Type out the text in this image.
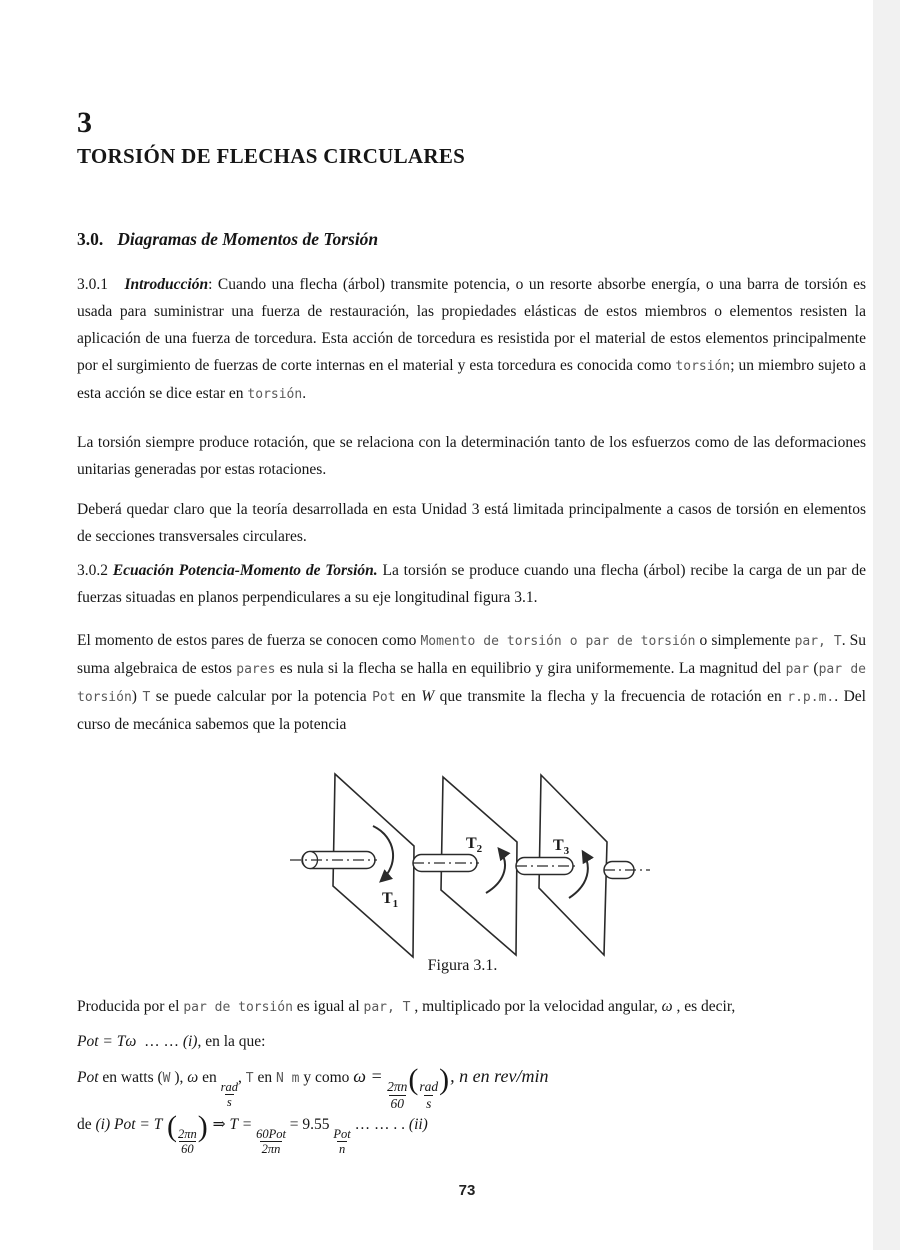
3
TORSIÓN DE FLECHAS CIRCULARES
3.0. Diagramas de Momentos de Torsión
3.0.1   Introducción: Cuando una flecha (árbol) transmite potencia, o un resorte absorbe energía, o una barra de torsión es usada para suministrar una fuerza de restauración, las propiedades elásticas de estos miembros o elementos resisten la aplicación de una fuerza de torcedura. Esta acción de torcedura es resistida por el material de estos elementos principalmente por el surgimiento de fuerzas de corte internas en el material y esta torcedura es conocida como torsión; un miembro sujeto a esta acción se dice estar en torsión.
La torsión siempre produce rotación, que se relaciona con la determinación tanto de los esfuerzos como de las deformaciones unitarias generadas por estas rotaciones.
Deberá quedar claro que la teoría desarrollada en esta Unidad 3 está limitada principalmente a casos de torsión en elementos de secciones transversales circulares.
3.0.2 Ecuación Potencia-Momento de Torsión. La torsión se produce cuando una flecha (árbol) recibe la carga de un par de fuerzas situadas en planos perpendiculares a su eje longitudinal figura 3.1.
El momento de estos pares de fuerza se conocen como Momento de torsión o par de torsión o simplemente par, T. Su suma algebraica de estos pares es nula si la flecha se halla en equilibrio y gira uniformemente. La magnitud del par (par de torsión) T se puede calcular por la potencia Pot en W que transmite la flecha y la frecuencia de rotación en r.p.m.. Del curso de mecánica sabemos que la potencia
$T_1$
$T_2$	$T_3$
Figura 3.1.
Producida por el par de torsión es igual al par, T , multiplicado por la velocidad angular, ω , es decir,
Pot = Tω  … … (i), en la que:
Pot en watts (W ), ω en
$\frac{\text{rad}}{s}$
, T en N m y como ω =
$\frac{2\pi n}{60}$ ( $\frac{\text{rad}}{s}$ ), n en rev/min
de (i) Pot = T ( $\frac{2\pi n}{60}$ ) ⇒ T =
$\frac{\text{60Pot}}{2\pi n}$
= 9.55
$\frac{\text{Pot}}{n}$
… … . . (ii)
73
